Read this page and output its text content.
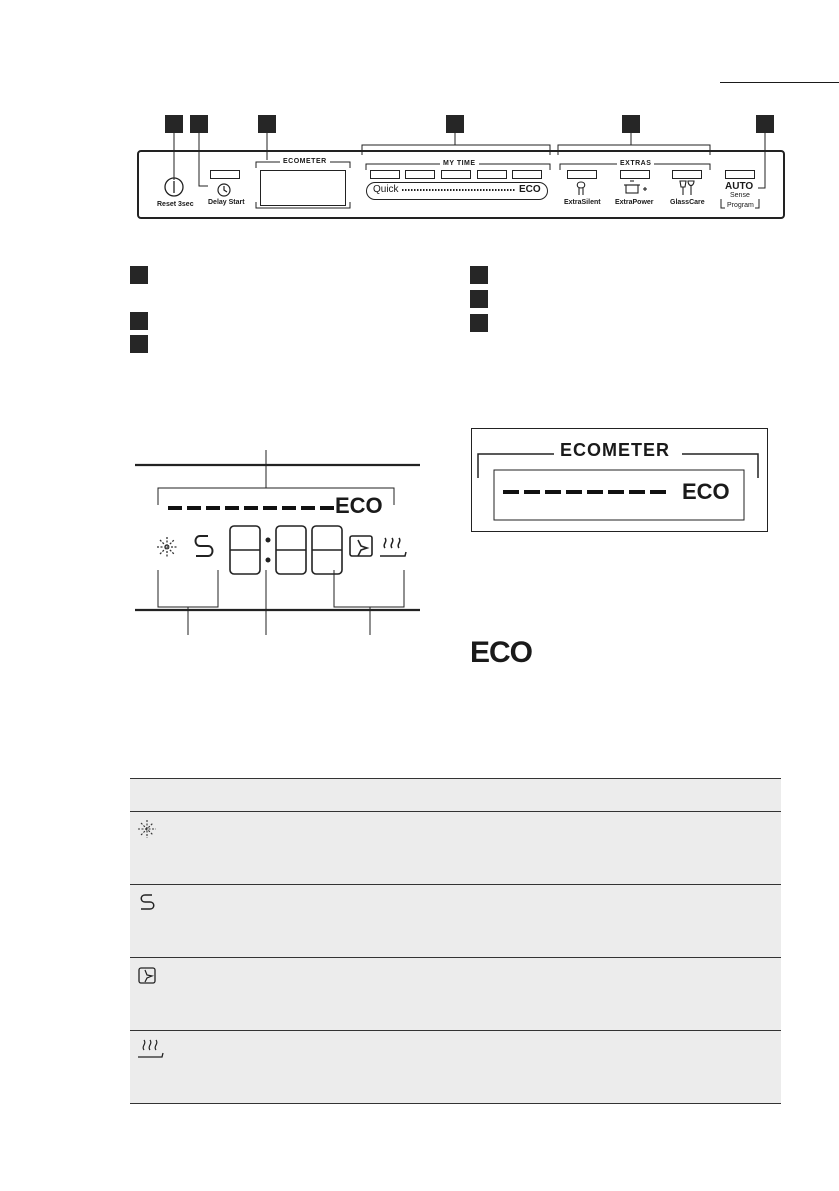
Reset 3sec Delay Start
ECOMETER	MY TIME
Quick	ECO
EXTRAS
ExtraSilent ExtraPower GlassCare
AUTO
Sense
Program
ECO
ECOMETER
ECO
ECO
